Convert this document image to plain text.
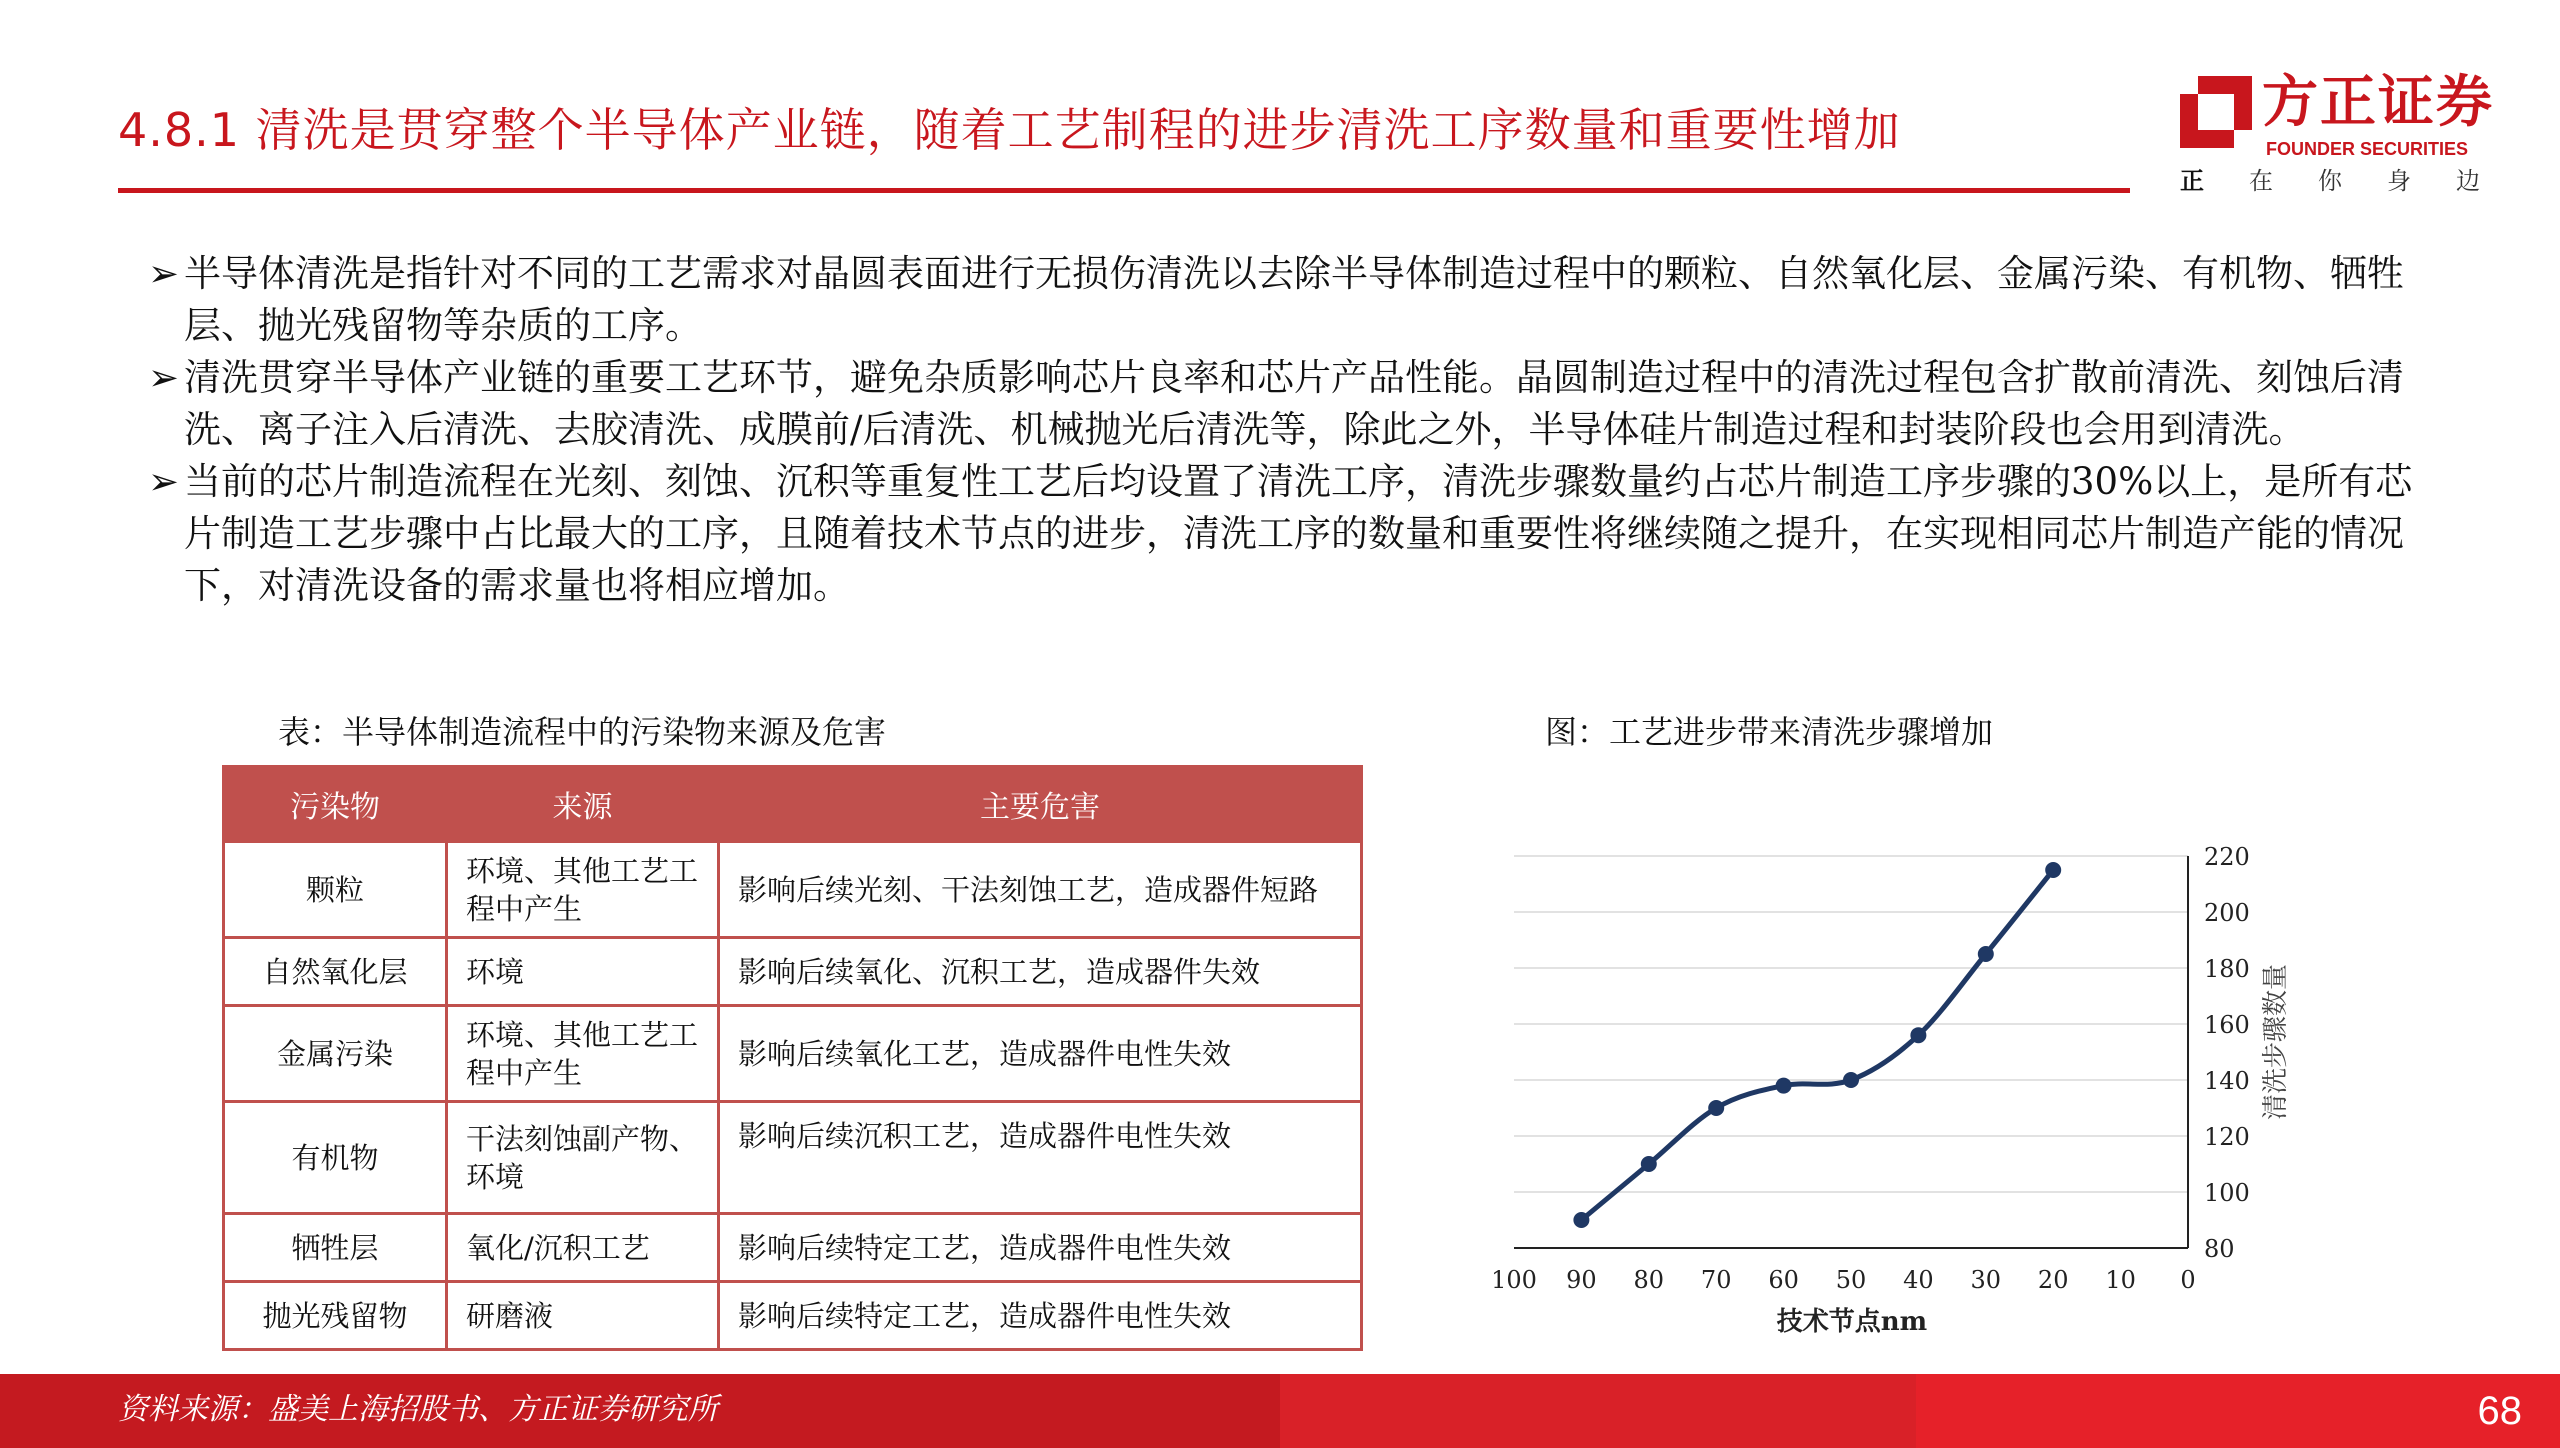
4.8.1 清洗是贯穿整个半导体产业链，随着工艺制程的进步清洗工序数量和重要性增加	方正证券
FOUNDER SECURITIES
正 在 你 身 边
➢ 半导体清洗是指针对不同的工艺需求对晶圆表面进行无损伤清洗以去除半导体制造过程中的颗粒、自然氧化层、金属污染、有机物、牺牲层、抛光残留物等杂质的工序。
➢ 清洗贯穿半导体产业链的重要工艺环节，避免杂质影响芯片良率和芯片产品性能。晶圆制造过程中的清洗过程包含扩散前清洗、刻蚀后清洗、离子注入后清洗、去胶清洗、成膜前/后清洗、机械抛光后清洗等，除此之外，半导体硅片制造过程和封装阶段也会用到清洗。
➢ 当前的芯片制造流程在光刻、刻蚀、沉积等重复性工艺后均设置了清洗工序，清洗步骤数量约占芯片制造工序步骤的30%以上，是所有芯片制造工艺步骤中占比最大的工序，且随着技术节点的进步，清洗工序的数量和重要性将继续随之提升，在实现相同芯片制造产能的情况下，对清洗设备的需求量也将相应增加。
表：半导体制造流程中的污染物来源及危害
污染物	来源	主要危害
颗粒	环境、其他工艺工程中产生	影响后续光刻、干法刻蚀工艺，造成器件短路
自然氧化层	环境	影响后续氧化、沉积工艺，造成器件失效
金属污染	环境、其他工艺工程中产生	影响后续氧化工艺，造成器件电性失效
有机物	干法刻蚀副产物、环境	影响后续沉积工艺，造成器件电性失效
牺牲层	氧化/沉积工艺	影响后续特定工艺，造成器件电性失效
抛光残留物	研磨液	影响后续特定工艺，造成器件电性失效
图：工艺进步带来清洗步骤增加
80
100
120
140
160
180
200
220
100 90 80 70 60 50 40 30 20 10 0
技术节点nm
清洗步骤数量
资料来源：盛美上海招股书、方正证券研究所	68
